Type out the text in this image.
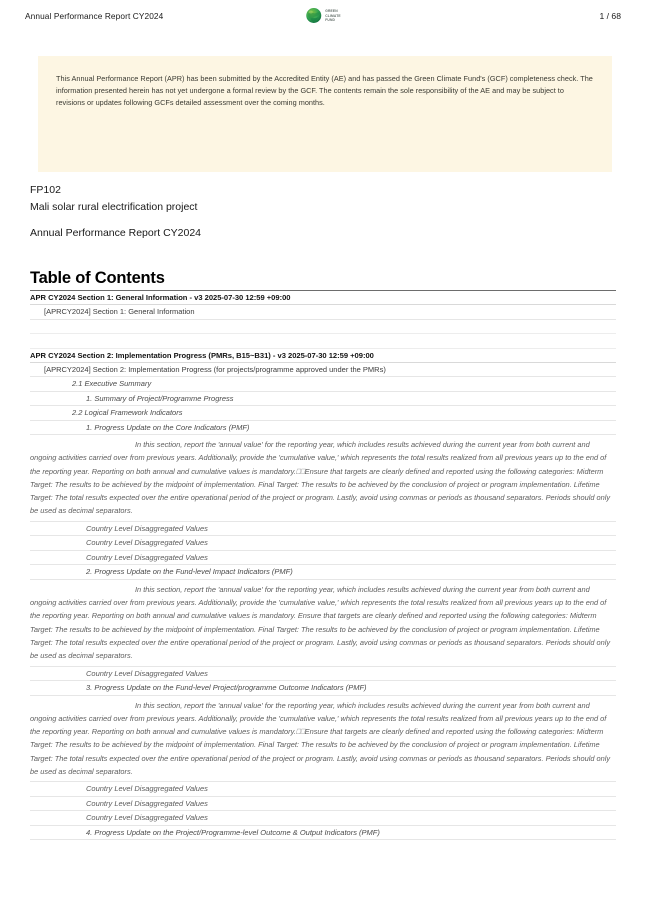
Annual Performance Report CY2024	GREEN
CLIMATE
FUND	1 / 68
This Annual Performance Report (APR) has been submitted by the Accredited Entity (AE) and has passed the Green Climate Fund's (GCF) completeness check. The information presented herein has not yet undergone a formal review by the GCF. The contents remain the sole responsibility of the AE and may be subject to revisions or updates following GCFs detailed assessment over the coming months.
FP102
Mali solar rural electrification project
Annual Performance Report CY2024
Table of Contents
APR CY2024 Section 1: General Information - v3 2025-07-30 12:59 +09:00
[APRCY2024] Section 1: General Information

APR CY2024 Section 2: Implementation Progress (PMRs, B15~B31) - v3 2025-07-30 12:59 +09:00
[APRCY2024] Section 2: Implementation Progress (for projects/programme approved under the PMRs)
2.1 Executive Summary
1. Summary of Project/Programme Progress
2.2 Logical Framework Indicators
1. Progress Update on the Core Indicators (PMF)
In this section, report the 'annual value' for the reporting year, which includes results achieved during the current year from both current and ongoing activities carried over from previous years. Additionally, provide the 'cumulative value,' which represents the total results realized from all previous years up to the end of the reporting year. Reporting on both annual and cumulative values is mandatory.⎕⎕Ensure that targets are clearly defined and reported using the following categories: Midterm Target: The results to be achieved by the midpoint of implementation. Final Target: The results to be achieved by the conclusion of project or program implementation. Lifetime Target: The total results expected over the entire operational period of the project or program. Lastly, avoid using commas or periods as thousand separators. Periods should only be used as decimal separators.
Country Level Disaggregated Values
Country Level Disaggregated Values
Country Level Disaggregated Values
2. Progress Update on the Fund-level Impact Indicators (PMF)
In this section, report the 'annual value' for the reporting year, which includes results achieved during the current year from both current and ongoing activities carried over from previous years. Additionally, provide the 'cumulative value,' which represents the total results realized from all previous years up to the end of the reporting year. Reporting on both annual and cumulative values is mandatory. Ensure that targets are clearly defined and reported using the following categories: Midterm Target: The results to be achieved by the midpoint of implementation. Final Target: The results to be achieved by the conclusion of project or program implementation. Lifetime Target: The total results expected over the entire operational period of the project or program. Lastly, avoid using commas or periods as thousand separators. Periods should only be used as decimal separators.
Country Level Disaggregated Values
3. Progress Update on the Fund-level Project/programme Outcome Indicators (PMF)
In this section, report the 'annual value' for the reporting year, which includes results achieved during the current year from both current and ongoing activities carried over from previous years. Additionally, provide the 'cumulative value,' which represents the total results realized from all previous years up to the end of the reporting year. Reporting on both annual and cumulative values is mandatory.⎕⎕Ensure that targets are clearly defined and reported using the following categories: Midterm Target: The results to be achieved by the midpoint of implementation. Final Target: The results to be achieved by the conclusion of project or program implementation. Lifetime Target: The total results expected over the entire operational period of the project or program. Lastly, avoid using commas or periods as thousand separators. Periods should only be used as decimal separators.
Country Level Disaggregated Values
Country Level Disaggregated Values
Country Level Disaggregated Values
4. Progress Update on the Project/Programme-level Outcome & Output Indicators (PMF)
